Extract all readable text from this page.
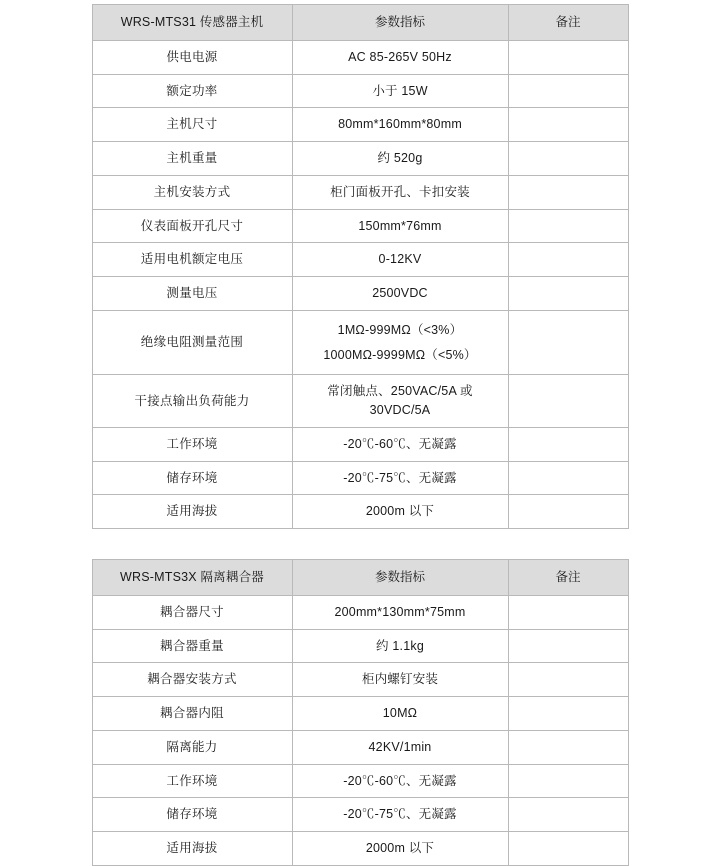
WRS-MTS31 传感器主机	参数指标	备注
供电电源	AC 85-265V 50Hz	
额定功率	小于 15W	
主机尺寸	80mm*160mm*80mm	
主机重量	约 520g	
主机安装方式	柜门面板开孔、卡扣安装	
仪表面板开孔尺寸	150mm*76mm	
适用电机额定电压	0-12KV	
测量电压	2500VDC	
绝缘电阻测量范围	1MΩ-999MΩ（<3%）
1000MΩ-9999MΩ（<5%）	

干接点输出负荷能力	常闭触点、250VAC/5A 或 30VDC/5A	
工作环境	-20℃-60℃、无凝露	
储存环境	-20℃-75℃、无凝露	
适用海拔	2000m 以下	
WRS-MTS3X 隔离耦合器	参数指标	备注
耦合器尺寸	200mm*130mm*75mm	
耦合器重量	约 1.1kg	
耦合器安装方式	柜内螺钉安装	
耦合器内阻	10MΩ	
隔离能力	42KV/1min	
工作环境	-20℃-60℃、无凝露	
储存环境	-20℃-75℃、无凝露	
适用海拔	2000m 以下	
